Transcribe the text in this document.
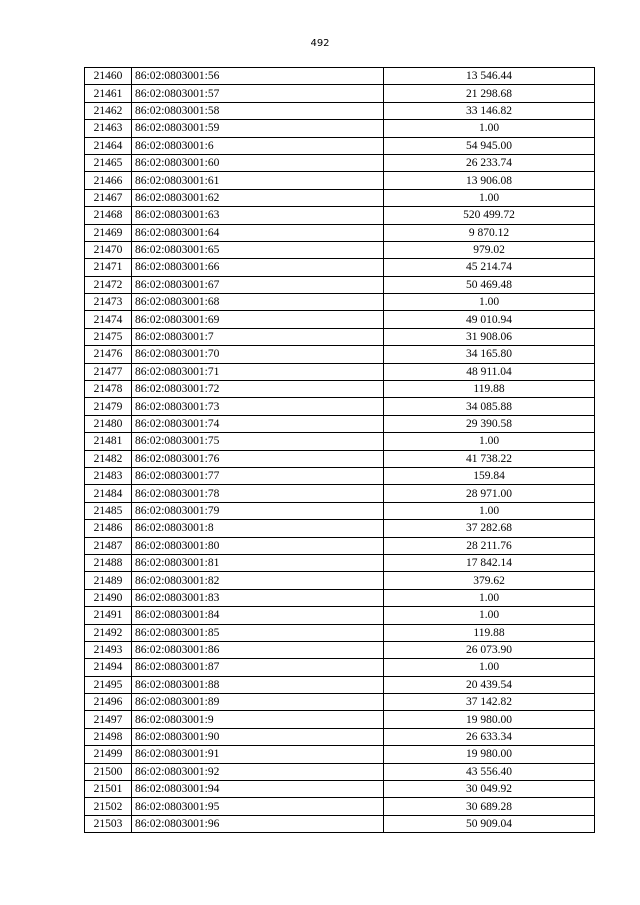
492
21460	86:02:0803001:56	13 546.44
21461	86:02:0803001:57	21 298.68
21462	86:02:0803001:58	33 146.82
21463	86:02:0803001:59	1.00
21464	86:02:0803001:6	54 945.00
21465	86:02:0803001:60	26 233.74
21466	86:02:0803001:61	13 906.08
21467	86:02:0803001:62	1.00
21468	86:02:0803001:63	520 499.72
21469	86:02:0803001:64	9 870.12
21470	86:02:0803001:65	979.02
21471	86:02:0803001:66	45 214.74
21472	86:02:0803001:67	50 469.48
21473	86:02:0803001:68	1.00
21474	86:02:0803001:69	49 010.94
21475	86:02:0803001:7	31 908.06
21476	86:02:0803001:70	34 165.80
21477	86:02:0803001:71	48 911.04
21478	86:02:0803001:72	119.88
21479	86:02:0803001:73	34 085.88
21480	86:02:0803001:74	29 390.58
21481	86:02:0803001:75	1.00
21482	86:02:0803001:76	41 738.22
21483	86:02:0803001:77	159.84
21484	86:02:0803001:78	28 971.00
21485	86:02:0803001:79	1.00
21486	86:02:0803001:8	37 282.68
21487	86:02:0803001:80	28 211.76
21488	86:02:0803001:81	17 842.14
21489	86:02:0803001:82	379.62
21490	86:02:0803001:83	1.00
21491	86:02:0803001:84	1.00
21492	86:02:0803001:85	119.88
21493	86:02:0803001:86	26 073.90
21494	86:02:0803001:87	1.00
21495	86:02:0803001:88	20 439.54
21496	86:02:0803001:89	37 142.82
21497	86:02:0803001:9	19 980.00
21498	86:02:0803001:90	26 633.34
21499	86:02:0803001:91	19 980.00
21500	86:02:0803001:92	43 556.40
21501	86:02:0803001:94	30 049.92
21502	86:02:0803001:95	30 689.28
21503	86:02:0803001:96	50 909.04
